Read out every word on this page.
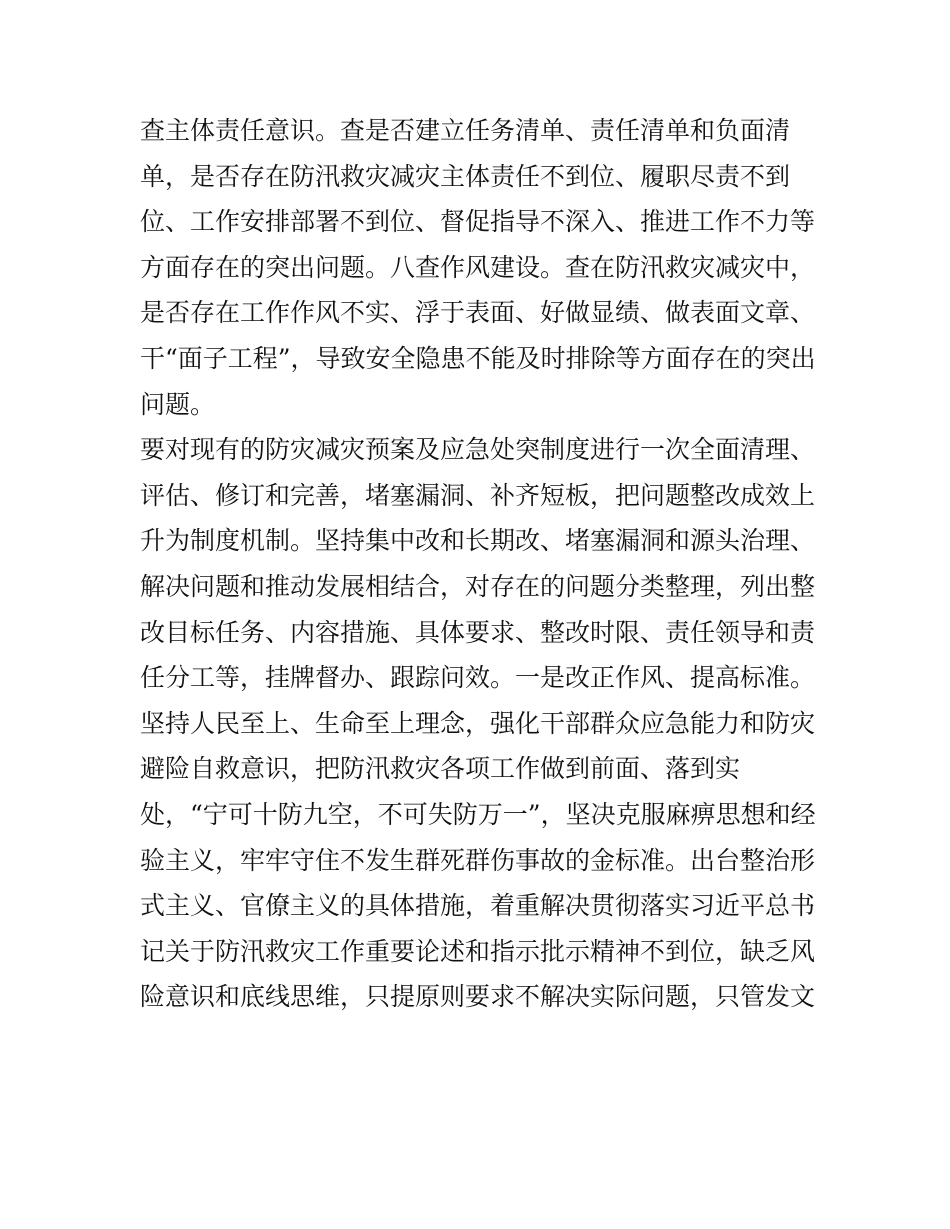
查主体责任意识。查是否建立任务清单、责任清单和负面清
单，是否存在防汛救灾减灾主体责任不到位、履职尽责不到
位、工作安排部署不到位、督促指导不深入、推进工作不力等
方面存在的突出问题。八查作风建设。查在防汛救灾减灾中，
是否存在工作作风不实、浮于表面、好做显绩、做表面文章、
干“面子工程”，导致安全隐患不能及时排除等方面存在的突出
问题。
要对现有的防灾减灾预案及应急处突制度进行一次全面清理、
评估、修订和完善，堵塞漏洞、补齐短板，把问题整改成效上
升为制度机制。坚持集中改和长期改、堵塞漏洞和源头治理、
解决问题和推动发展相结合，对存在的问题分类整理，列出整
改目标任务、内容措施、具体要求、整改时限、责任领导和责
任分工等，挂牌督办、跟踪问效。一是改正作风、提高标准。
坚持人民至上、生命至上理念，强化干部群众应急能力和防灾
避险自救意识，把防汛救灾各项工作做到前面、落到实
处，“宁可十防九空，不可失防万一”，坚决克服麻痹思想和经
验主义，牢牢守住不发生群死群伤事故的金标准。出台整治形
式主义、官僚主义的具体措施，着重解决贯彻落实习近平总书
记关于防汛救灾工作重要论述和指示批示精神不到位，缺乏风
险意识和底线思维，只提原则要求不解决实际问题，只管发文
